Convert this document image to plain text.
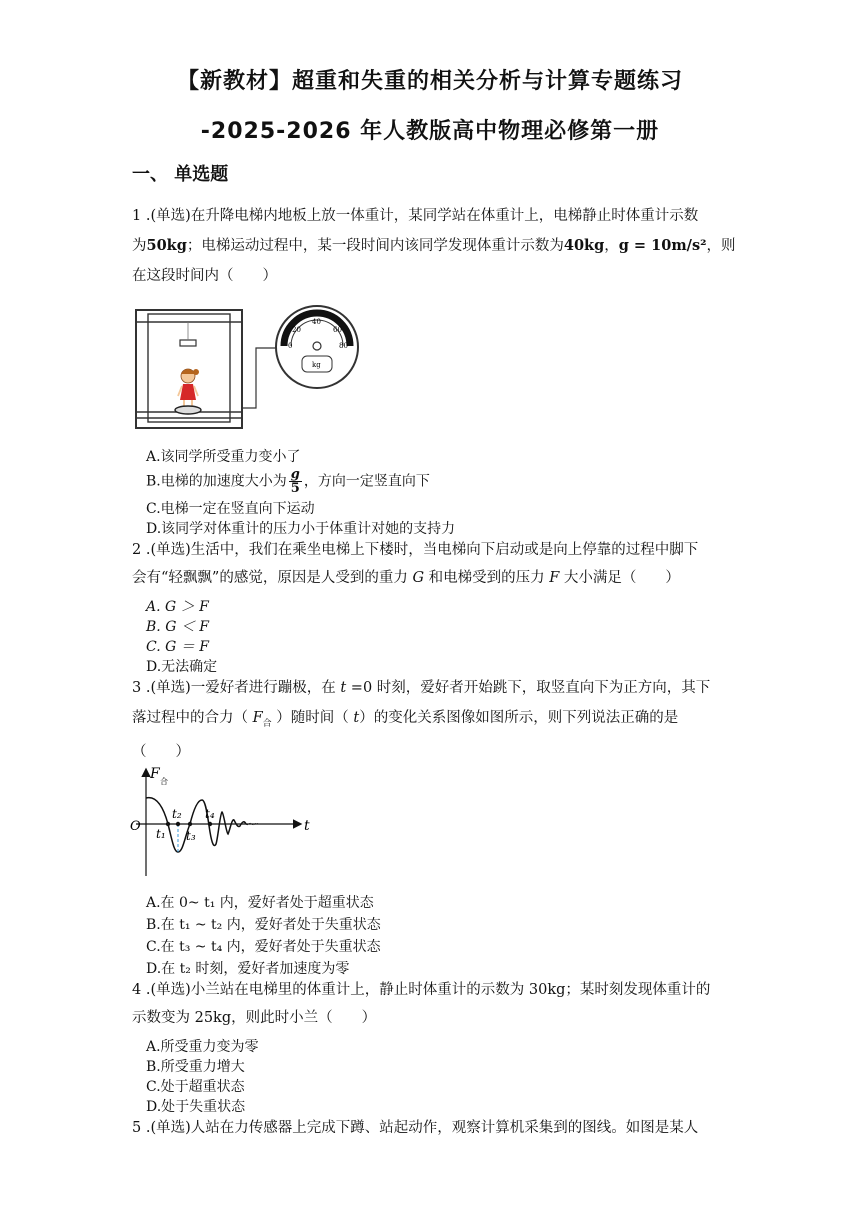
【新教材】超重和失重的相关分析与计算专题练习
-2025-2026 年人教版高中物理必修第一册
一、 单选题
1 .(单选)在升降电梯内地板上放一体重计，某同学站在体重计上，电梯静止时体重计示数
为50kg；电梯运动过程中，某一段时间内该同学发现体重计示数为40kg，g = 10m/s²，则
在这段时间内（　　）
0
20
40
60
80
kg
A.该同学所受重力变小了
B.电梯的加速度大小为 $\frac{g}{5}$ ，方向一定竖直向下
C.电梯一定在竖直向下运动
D.该同学对体重计的压力小于体重计对她的支持力
2 .(单选)生活中，我们在乘坐电梯上下楼时，当电梯向下启动或是向上停靠的过程中脚下
会有“轻飘飘”的感觉，原因是人受到的重力 G 和电梯受到的压力 F 大小满足（　　）
A. G ＞ F
B. G ＜ F
C. G ＝ F
D.无法确定
3 .(单选)一爱好者进行蹦极，在 t =0 时刻，爱好者开始跳下，取竖直向下为正方向，其下
落过程中的合力（ $F_合$ ）随时间（ t）的变化关系图像如图所示，则下列说法正确的是
（　　）
F 合
t
O t₁
t₂
t₃
t₄
A.在 0~ t₁ 内，爱好者处于超重状态
B.在 t₁ ~ t₂ 内，爱好者处于失重状态
C.在 t₃ ~ t₄ 内，爱好者处于失重状态
D.在 t₂ 时刻，爱好者加速度为零
4 .(单选)小兰站在电梯里的体重计上，静止时体重计的示数为 30kg；某时刻发现体重计的
示数变为 25kg，则此时小兰（　　）
A.所受重力变为零
B.所受重力增大
C.处于超重状态
D.处于失重状态
5 .(单选)人站在力传感器上完成下蹲、站起动作，观察计算机采集到的图线。如图是某人
